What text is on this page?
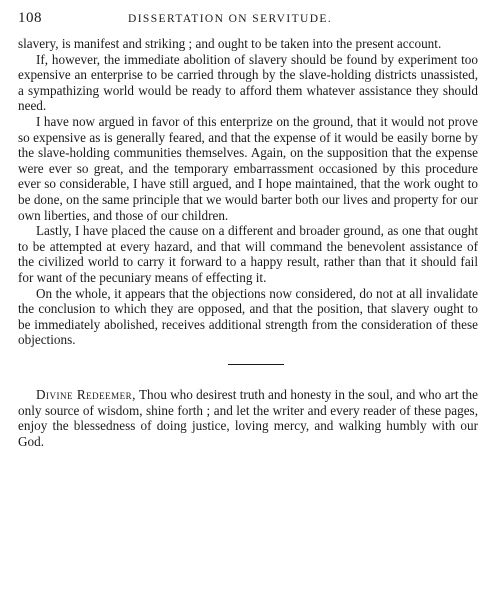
108	DISSERTATION ON SERVITUDE.

slavery, is manifest and striking ; and ought to be taken into the present account.

If, however, the immediate abolition of slavery should be found by experiment too expensive an enterprise to be carried through by the slave-holding districts unassisted, a sympathizing world would be ready to afford them whatever assistance they should need.

I have now argued in favor of this enterprize on the ground, that it would not prove so expensive as is generally feared, and that the expense of it would be easily borne by the slave-holding communities themselves. Again, on the supposition that the expense were ever so great, and the temporary embarrassment occasioned by this procedure ever so considerable, I have still argued, and I hope maintained, that the work ought to be done, on the same principle that we would barter both our lives and property for our own liberties, and those of our children.

Lastly, I have placed the cause on a different and broader ground, as one that ought to be attempted at every hazard, and that will command the benevolent assistance of the civilized world to carry it forward to a happy result, rather than that it should fail for want of the pecuniary means of effecting it.

On the whole, it appears that the objections now considered, do not at all invalidate the conclusion to which they are opposed, and that the position, that slavery ought to be immediately abolished, receives additional strength from the consideration of these objections.

Divine Redeemer, Thou who desirest truth and honesty in the soul, and who art the only source of wisdom, shine forth ; and let the writer and every reader of these pages, enjoy the blessedness of doing justice, loving mercy, and walking humbly with our God.
